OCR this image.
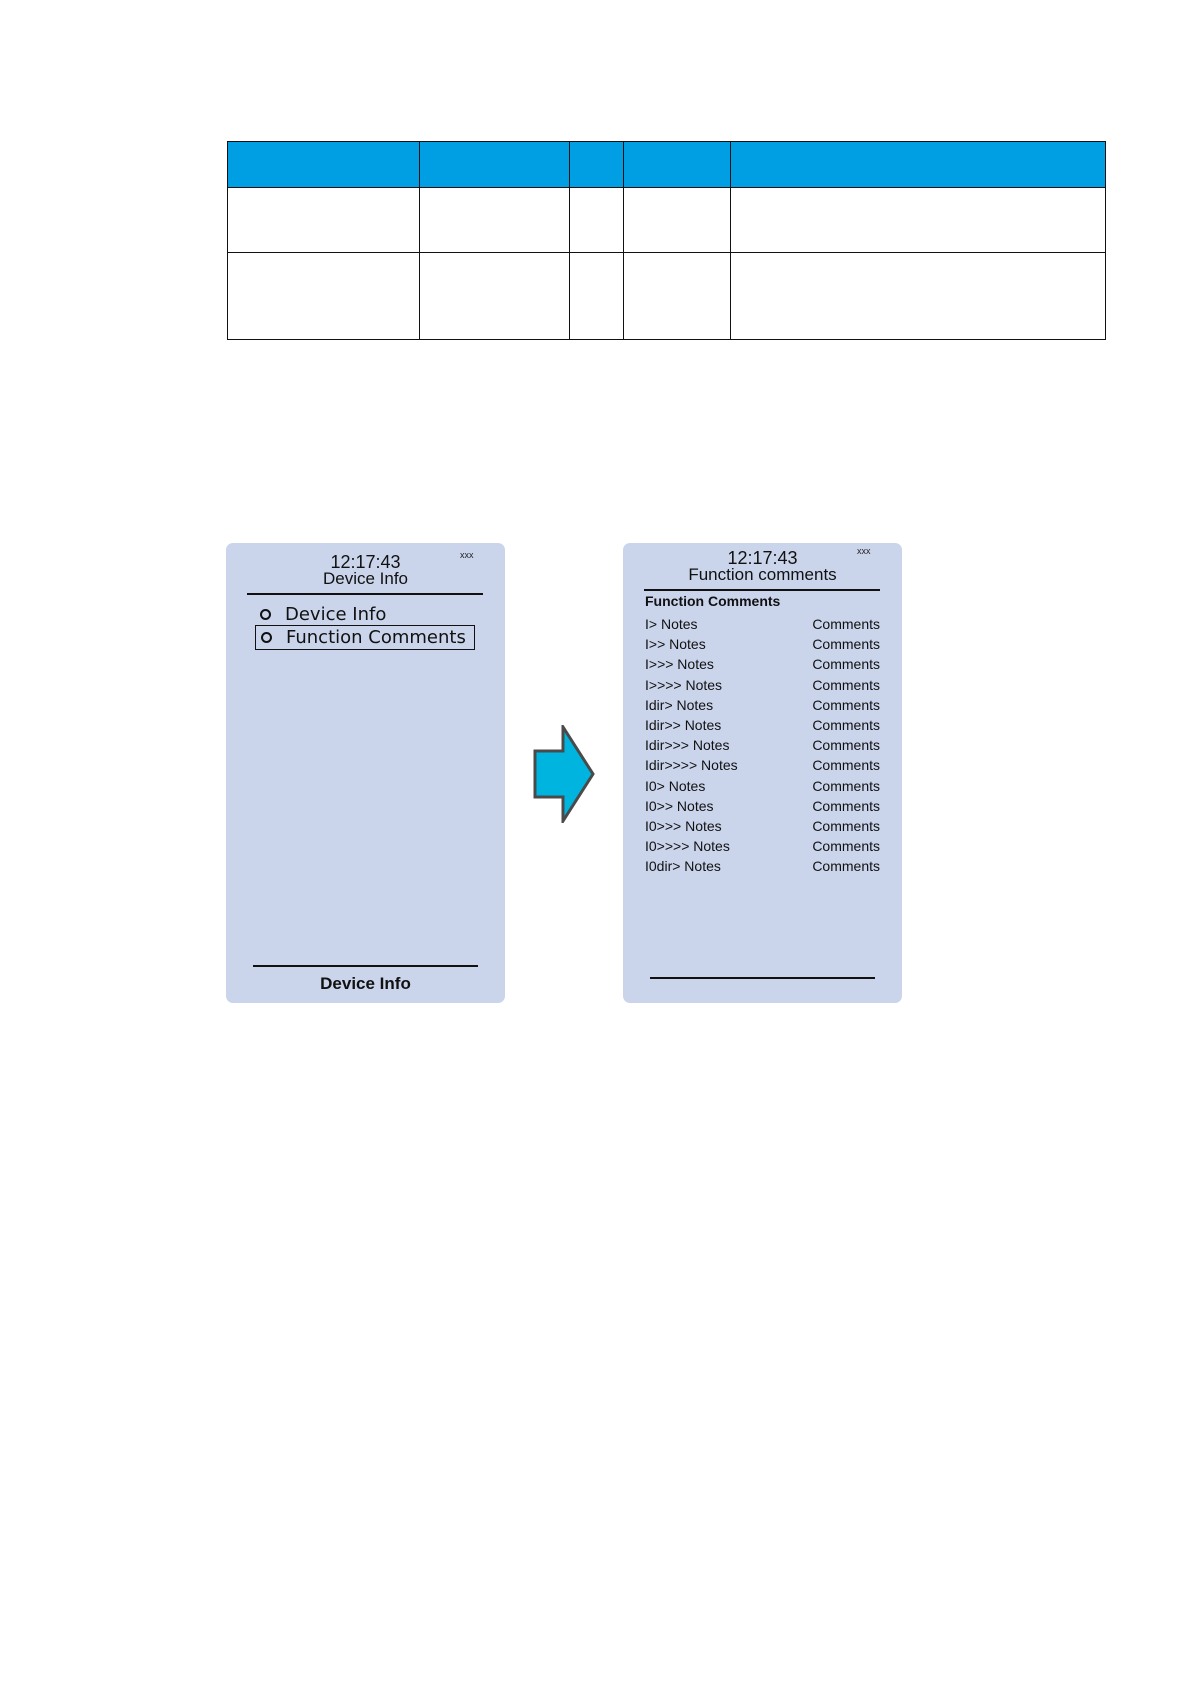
12:17:43	xxx
Device Info
Device Info
Function Comments
Device Info
12:17:43	xxx
Function comments
Function Comments
I> Notes	Comments
I>> Notes	Comments
I>>> Notes	Comments
I>>>> Notes	Comments
Idir> Notes	Comments
Idir>> Notes	Comments
Idir>>> Notes	Comments
Idir>>>> Notes	Comments
I0> Notes	Comments
I0>> Notes	Comments
I0>>> Notes	Comments
I0>>>> Notes	Comments
I0dir> Notes	Comments
